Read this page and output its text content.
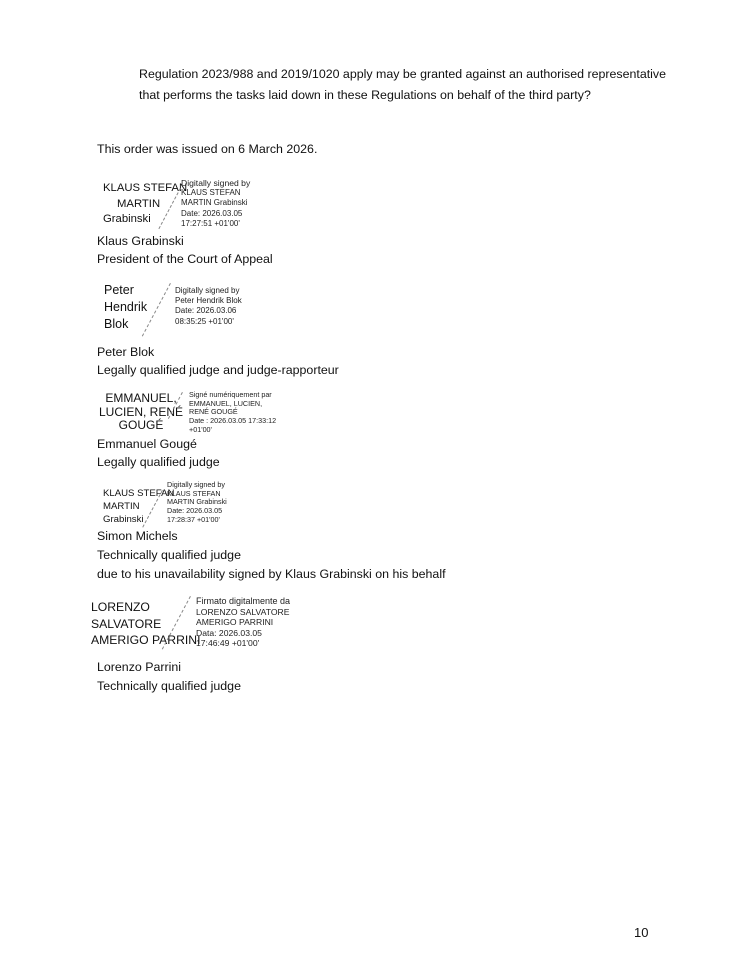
Regulation 2023/988 and 2019/1020 apply may be granted against an authorised representative
that performs the tasks laid down in these Regulations on behalf of the third party?
This order was issued on 6 March 2026.
KLAUS STEFAN
MARTIN
Grabinski
Digitally signed by
KLAUS STEFAN
MARTIN Grabinski
Date: 2026.03.05
17:27:51 +01'00'
Klaus Grabinski
President of the Court of Appeal
Peter
Hendrik
Blok
Digitally signed by
Peter Hendrik Blok
Date: 2026.03.06
08:35:25 +01'00'
Peter Blok
Legally qualified judge and judge-rapporteur
EMMANUEL,
LUCIEN, RENÉ
GOUGÉ
Signé numériquement par
EMMANUEL, LUCIEN,
RENÉ GOUGÉ
Date : 2026.03.05 17:33:12
+01'00'
Emmanuel Gougé
Legally qualified judge
KLAUS STEFAN
MARTIN
Grabinski
Digitally signed by
KLAUS STEFAN
MARTIN Grabinski
Date: 2026.03.05
17:28:37 +01'00'
Simon Michels
Technically qualified judge
due to his unavailability signed by Klaus Grabinski on his behalf
LORENZO
SALVATORE
AMERIGO PARRINI
Firmato digitalmente da
LORENZO SALVATORE
AMERIGO PARRINI
Data: 2026.03.05
17:46:49 +01'00'
Lorenzo Parrini
Technically qualified judge
10
